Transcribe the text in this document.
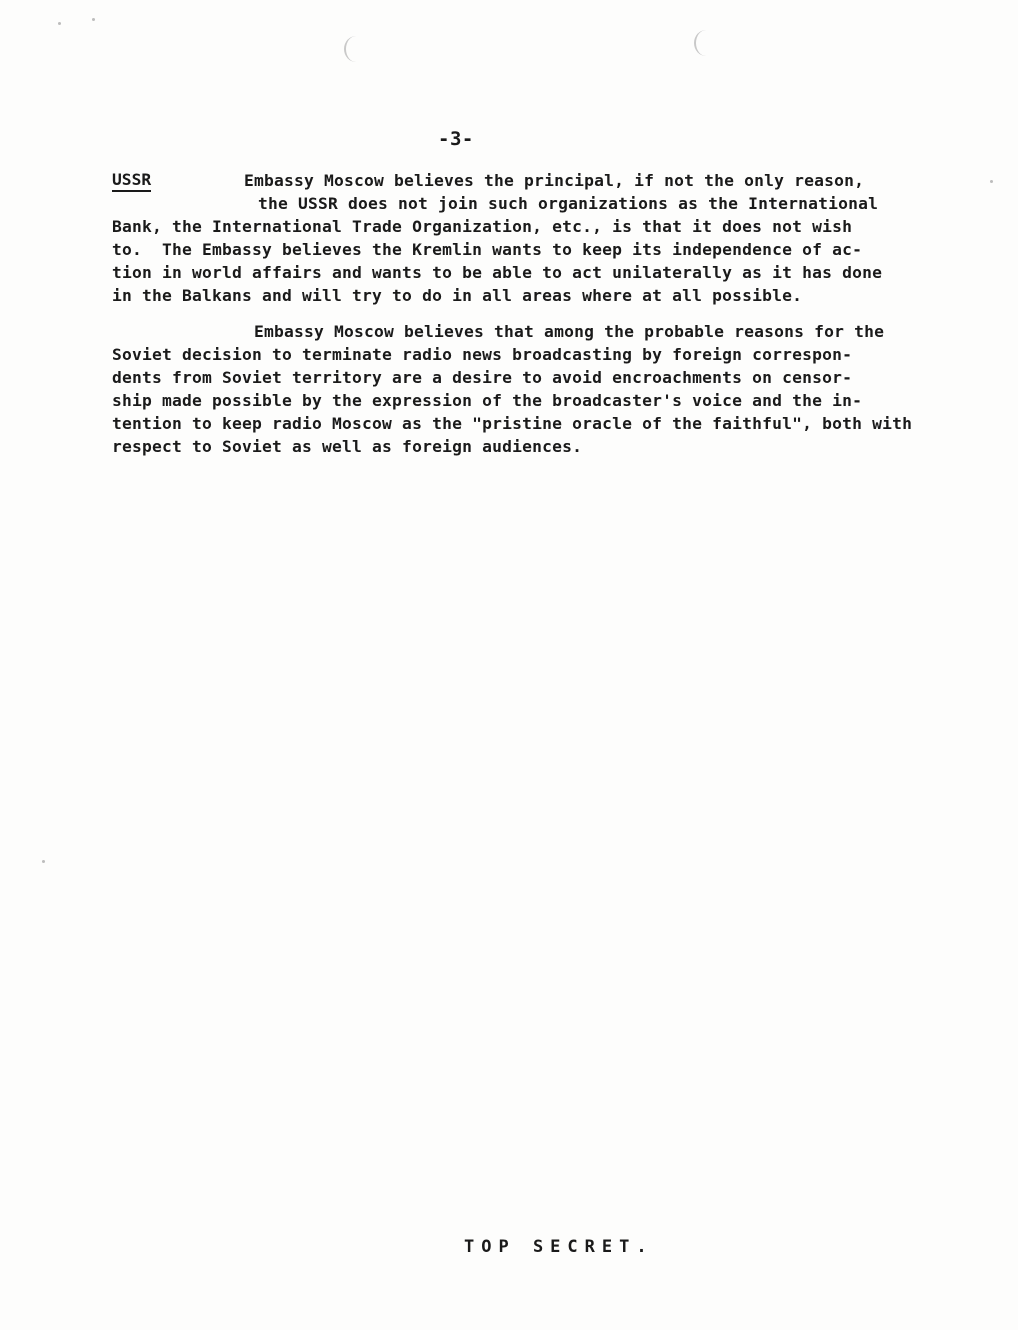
-3-
USSR	Embassy Moscow believes the principal, if not the only reason,
the USSR does not join such organizations as the International
Bank, the International Trade Organization, etc., is that it does not wish
to.  The Embassy believes the Kremlin wants to keep its independence of ac-
tion in world affairs and wants to be able to act unilaterally as it has done
in the Balkans and will try to do in all areas where at all possible.
Embassy Moscow believes that among the probable reasons for the
Soviet decision to terminate radio news broadcasting by foreign correspon-
dents from Soviet territory are a desire to avoid encroachments on censor-
ship made possible by the expression of the broadcaster's voice and the in-
tention to keep radio Moscow as the "pristine oracle of the faithful", both with
respect to Soviet as well as foreign audiences.
TOP SECRET.
